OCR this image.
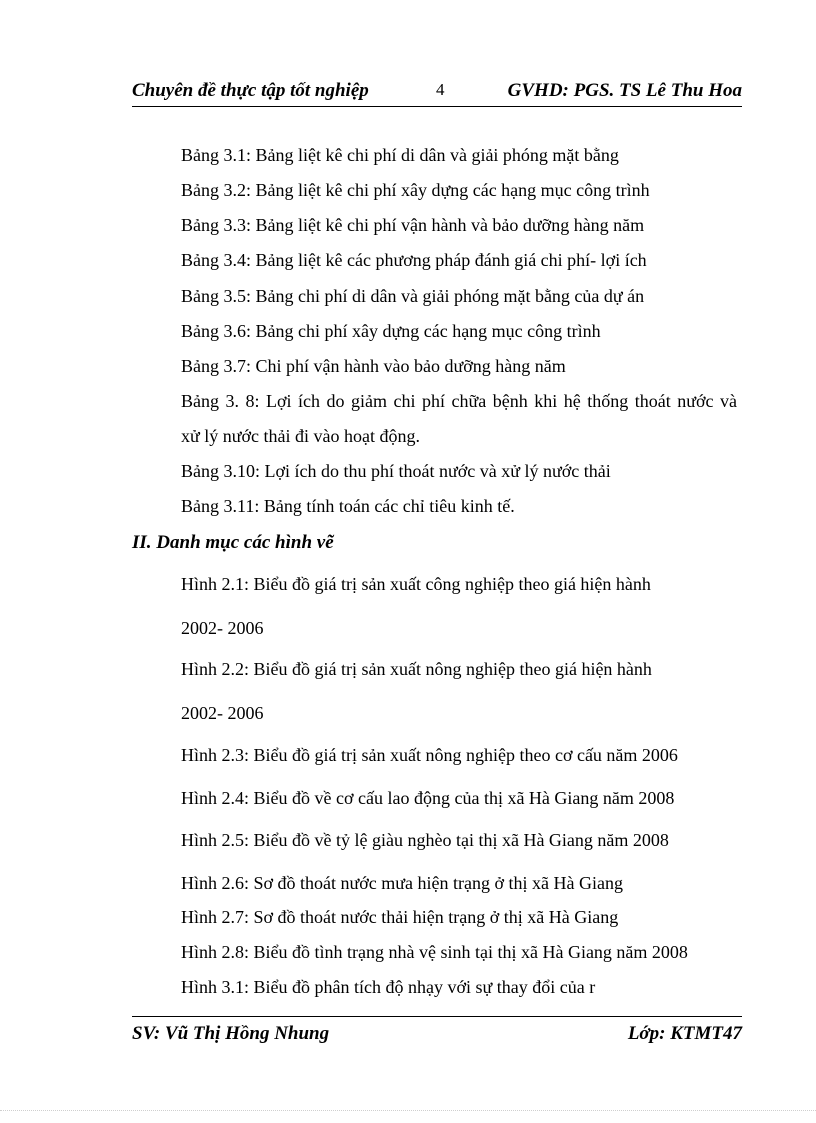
Chuyên đề thực tập tốt nghiệp	4	GVHD: PGS. TS Lê Thu Hoa
Bảng 3.1: Bảng liệt kê chi phí di dân và giải phóng mặt bằng
Bảng 3.2: Bảng liệt kê chi phí xây dựng các hạng mục công trình
Bảng 3.3: Bảng liệt kê chi phí vận hành và bảo dưỡng hàng năm
Bảng 3.4: Bảng liệt kê các phương pháp đánh giá chi phí- lợi ích
Bảng 3.5: Bảng chi phí di dân và giải phóng mặt bằng của dự án
Bảng 3.6: Bảng chi phí xây dựng các hạng mục công trình
Bảng 3.7: Chi phí vận hành vào bảo dưỡng hàng năm
Bảng 3. 8: Lợi ích do giảm chi phí chữa bệnh khi hệ thống thoát nước và
xử lý nước thải đi vào hoạt động.
Bảng 3.10: Lợi ích do thu phí thoát nước và xử lý nước thải
Bảng 3.11: Bảng tính toán các chỉ tiêu kinh tế.
II. Danh mục các hình vẽ
Hình 2.1: Biểu đồ giá trị sản xuất công nghiệp theo giá hiện hành
2002- 2006
Hình 2.2: Biểu đồ giá trị sản xuất nông nghiệp theo giá hiện hành
2002- 2006
Hình 2.3: Biểu đồ giá trị sản xuất nông nghiệp theo cơ cấu năm 2006
Hình 2.4: Biểu đồ về cơ cấu lao động của thị xã Hà Giang năm 2008
Hình 2.5: Biểu đồ về tỷ lệ giàu nghèo tại thị xã Hà Giang năm 2008
Hình 2.6: Sơ đồ thoát nước mưa hiện trạng ở thị xã Hà Giang
Hình 2.7: Sơ đồ thoát nước thải hiện trạng ở thị xã Hà Giang
Hình 2.8: Biểu đồ tình trạng nhà vệ sinh tại thị xã Hà Giang năm 2008
Hình 3.1: Biểu đồ phân tích độ nhạy với sự thay đổi của r
SV: Vũ Thị Hồng Nhung	Lớp: KTMT47
